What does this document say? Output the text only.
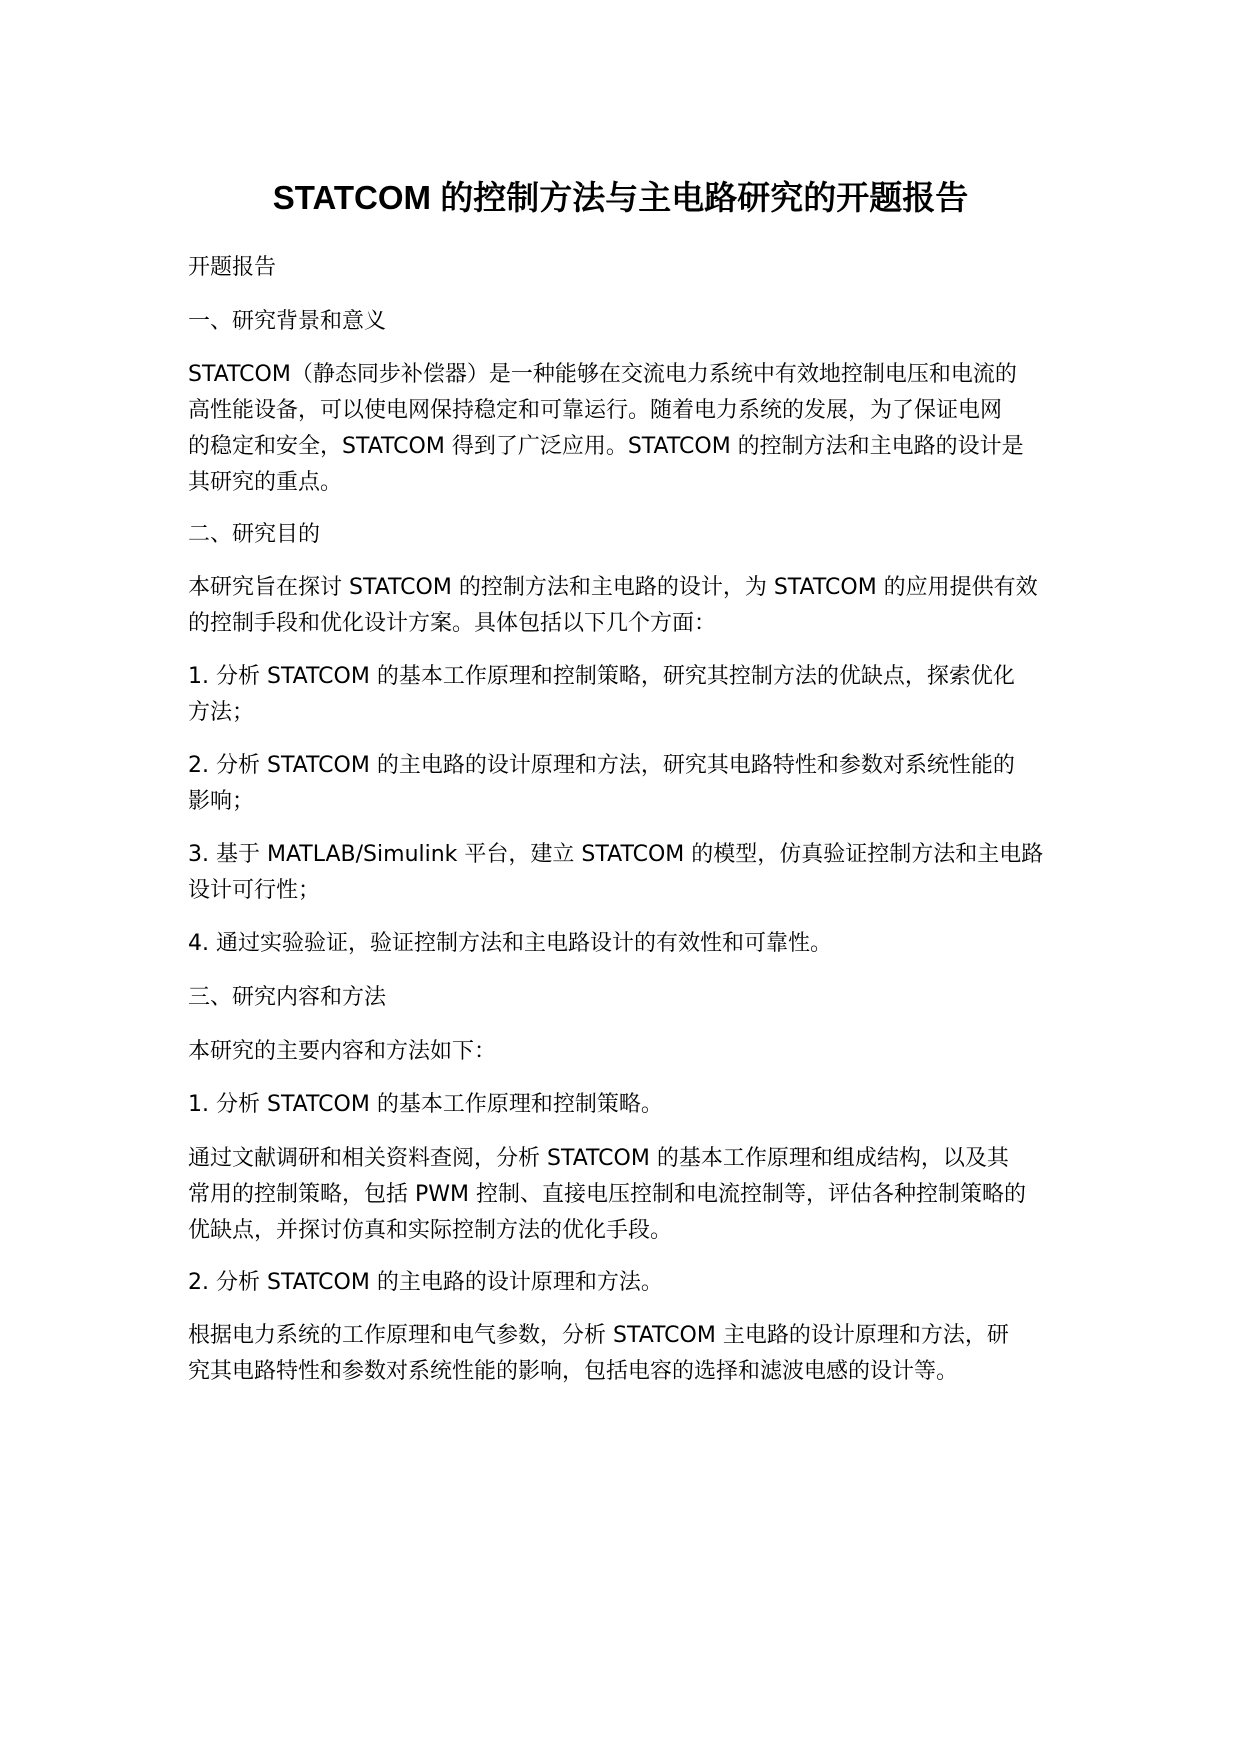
STATCOM 的控制方法与主电路研究的开题报告
开题报告
一、研究背景和意义
STATCOM（静态同步补偿器）是一种能够在交流电力系统中有效地控制电压和电流的
高性能设备，可以使电网保持稳定和可靠运行。随着电力系统的发展，为了保证电网
的稳定和安全，STATCOM 得到了广泛应用。STATCOM 的控制方法和主电路的设计是
其研究的重点。
二、研究目的
本研究旨在探讨 STATCOM 的控制方法和主电路的设计，为 STATCOM 的应用提供有效
的控制手段和优化设计方案。具体包括以下几个方面：
1. 分析 STATCOM 的基本工作原理和控制策略，研究其控制方法的优缺点，探索优化
方法；
2. 分析 STATCOM 的主电路的设计原理和方法，研究其电路特性和参数对系统性能的
影响；
3. 基于 MATLAB/Simulink 平台，建立 STATCOM 的模型，仿真验证控制方法和主电路
设计可行性；
4. 通过实验验证，验证控制方法和主电路设计的有效性和可靠性。
三、研究内容和方法
本研究的主要内容和方法如下：
1. 分析 STATCOM 的基本工作原理和控制策略。
通过文献调研和相关资料查阅，分析 STATCOM 的基本工作原理和组成结构，以及其
常用的控制策略，包括 PWM 控制、直接电压控制和电流控制等，评估各种控制策略的
优缺点，并探讨仿真和实际控制方法的优化手段。
2. 分析 STATCOM 的主电路的设计原理和方法。
根据电力系统的工作原理和电气参数，分析 STATCOM 主电路的设计原理和方法，研
究其电路特性和参数对系统性能的影响，包括电容的选择和滤波电感的设计等。
